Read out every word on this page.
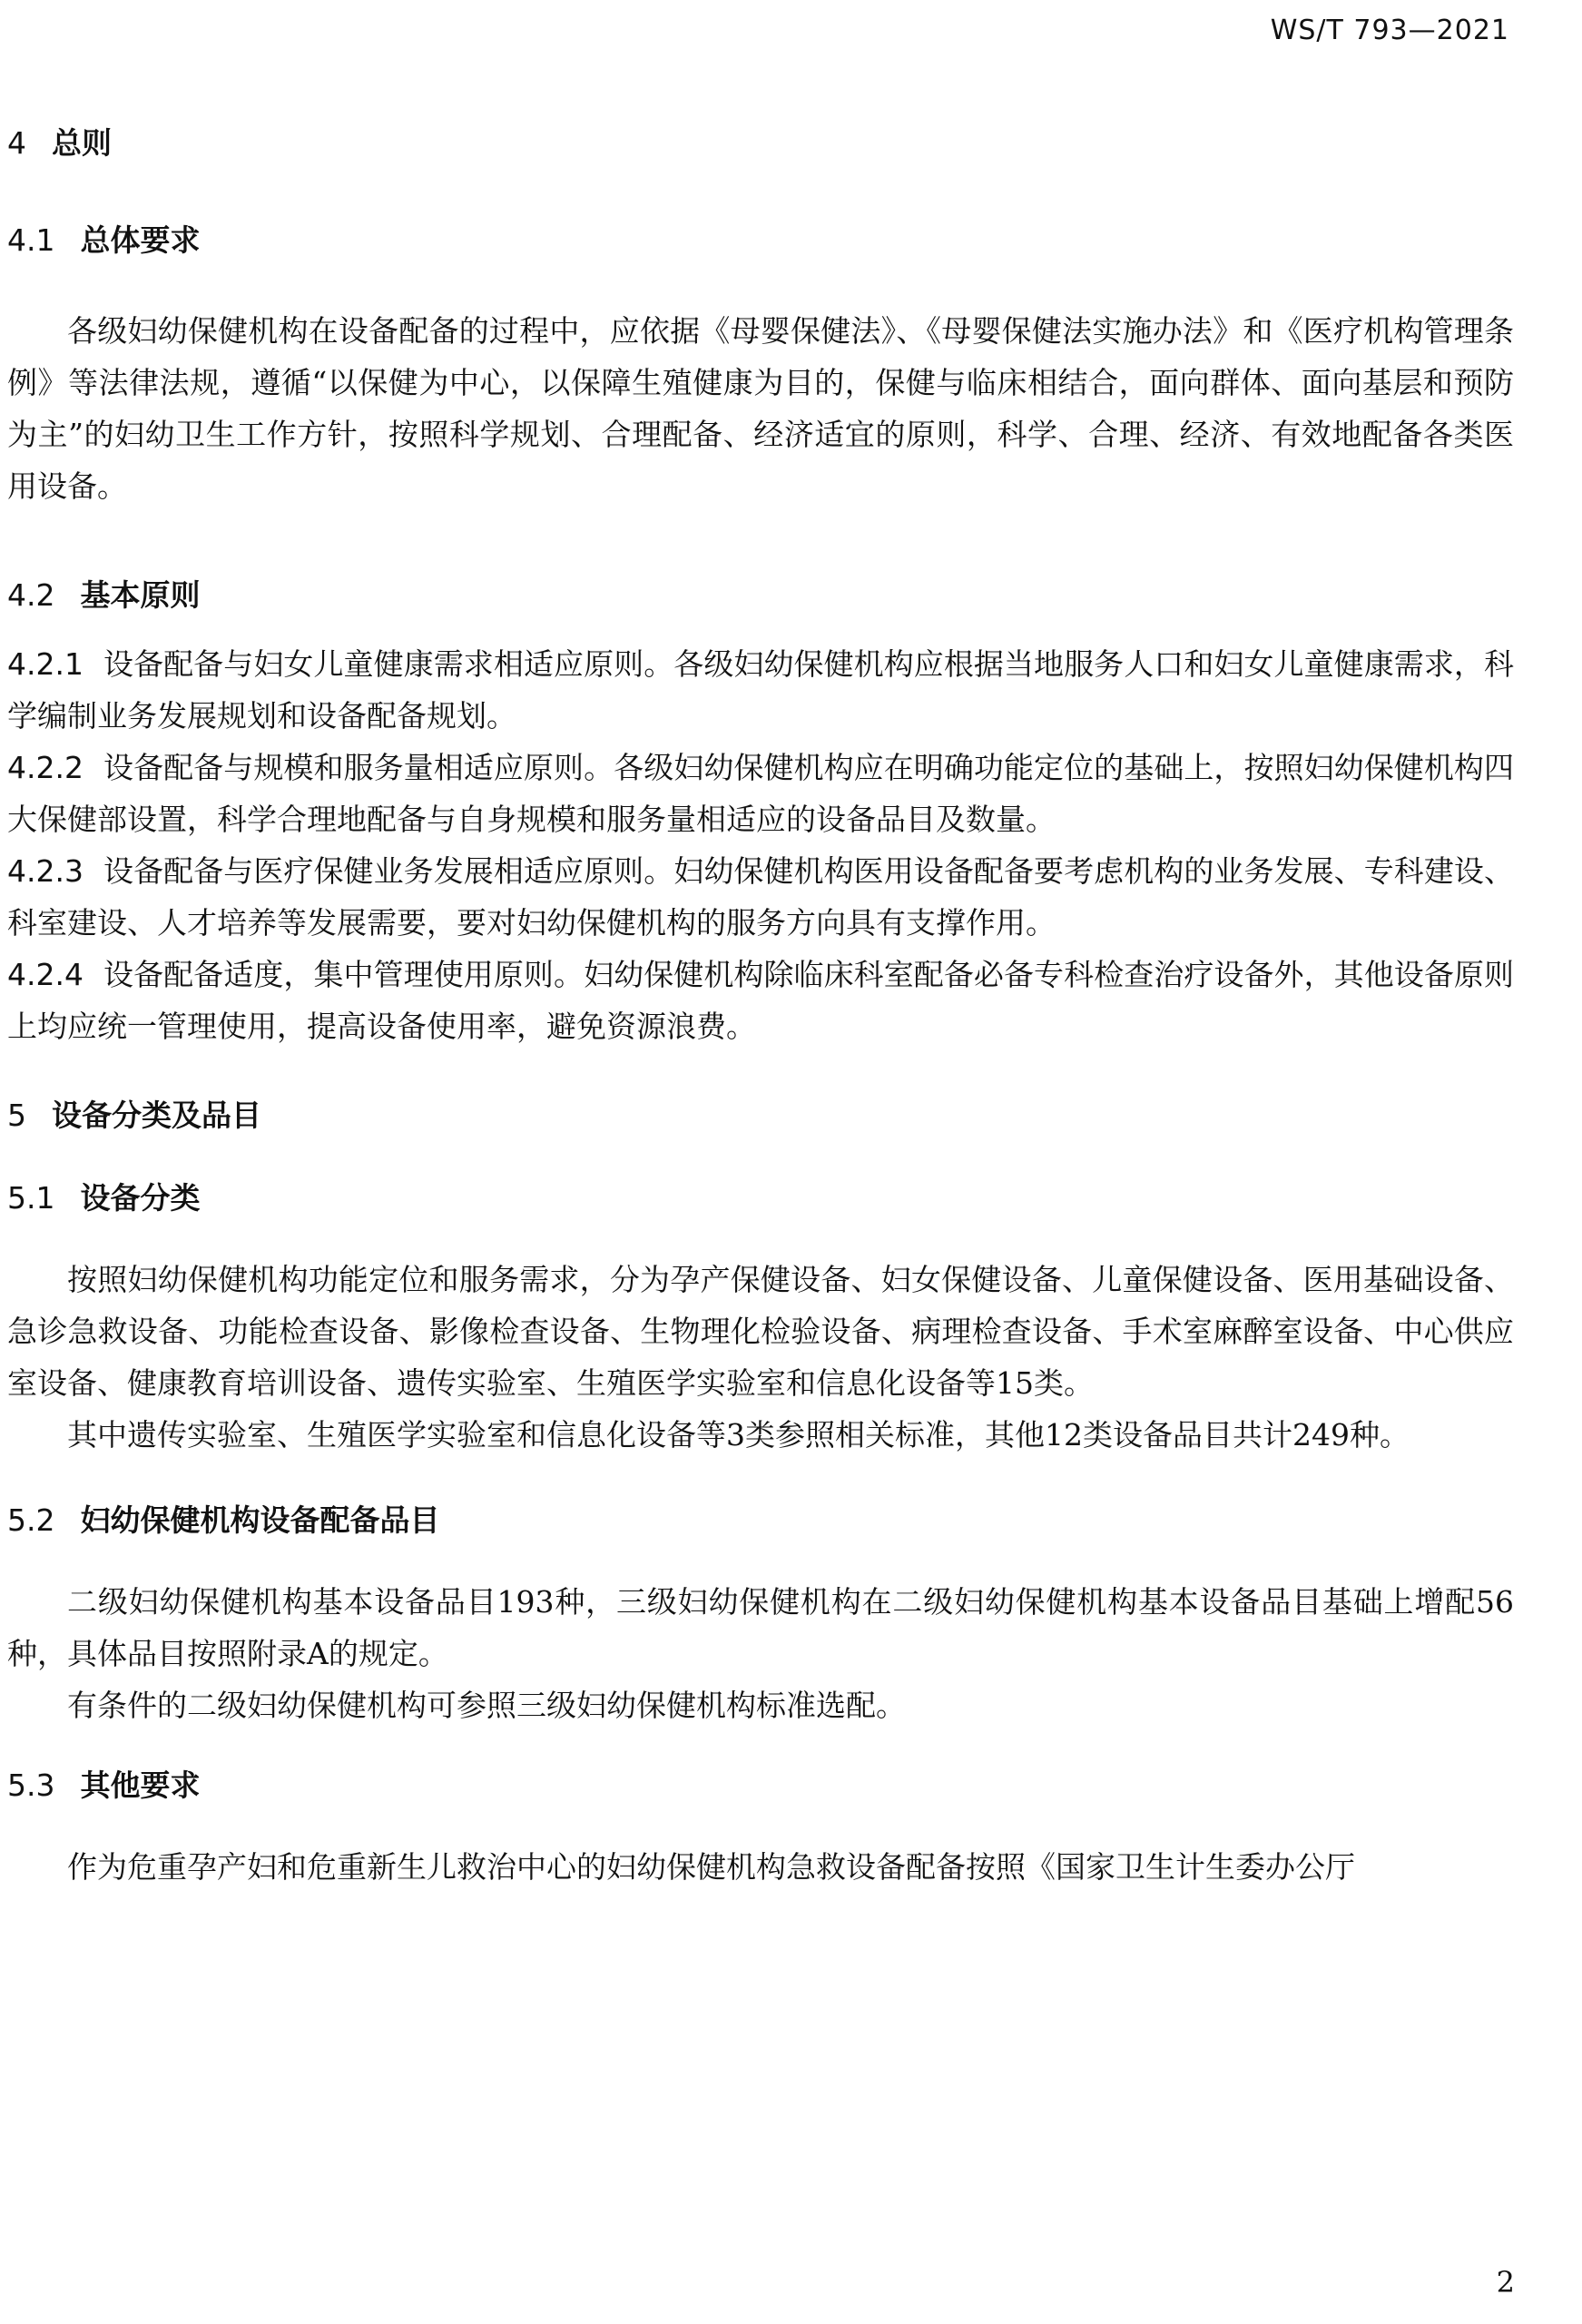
WS/T 793—2021
4 总则
4.1 总体要求

各级妇幼保健机构在设备配备的过程中，应依据《母婴保健法》、《母婴保健法实施办法》和《医疗机构管理条例》等法律法规，遵循“以保健为中心，以保障生殖健康为目的，保健与临床相结合，面向群体、面向基层和预防为主”的妇幼卫生工作方针，按照科学规划、合理配备、经济适宜的原则，科学、合理、经济、有效地配备各类医用设备。

4.2 基本原则

4.2.1 设备配备与妇女儿童健康需求相适应原则。各级妇幼保健机构应根据当地服务人口和妇女儿童健康需求，科学编制业务发展规划和设备配备规划。

4.2.2 设备配备与规模和服务量相适应原则。各级妇幼保健机构应在明确功能定位的基础上，按照妇幼保健机构四大保健部设置，科学合理地配备与自身规模和服务量相适应的设备品目及数量。

4.2.3 设备配备与医疗保健业务发展相适应原则。妇幼保健机构医用设备配备要考虑机构的业务发展、专科建设、科室建设、人才培养等发展需要，要对妇幼保健机构的服务方向具有支撑作用。

4.2.4 设备配备适度，集中管理使用原则。妇幼保健机构除临床科室配备必备专科检查治疗设备外，其他设备原则上均应统一管理使用，提高设备使用率，避免资源浪费。

5 设备分类及品目
5.1 设备分类

按照妇幼保健机构功能定位和服务需求，分为孕产保健设备、妇女保健设备、儿童保健设备、医用基础设备、急诊急救设备、功能检查设备、影像检查设备、生物理化检验设备、病理检查设备、手术室麻醉室设备、中心供应室设备、健康教育培训设备、遗传实验室、生殖医学实验室和信息化设备等15类。

其中遗传实验室、生殖医学实验室和信息化设备等3类参照相关标准，其他12类设备品目共计249种。

5.2 妇幼保健机构设备配备品目

二级妇幼保健机构基本设备品目193种，三级妇幼保健机构在二级妇幼保健机构基本设备品目基础上增配56种，具体品目按照附录A的规定。

有条件的二级妇幼保健机构可参照三级妇幼保健机构标准选配。

5.3 其他要求

作为危重孕产妇和危重新生儿救治中心的妇幼保健机构急救设备配备按照《国家卫生计生委办公厅

2
